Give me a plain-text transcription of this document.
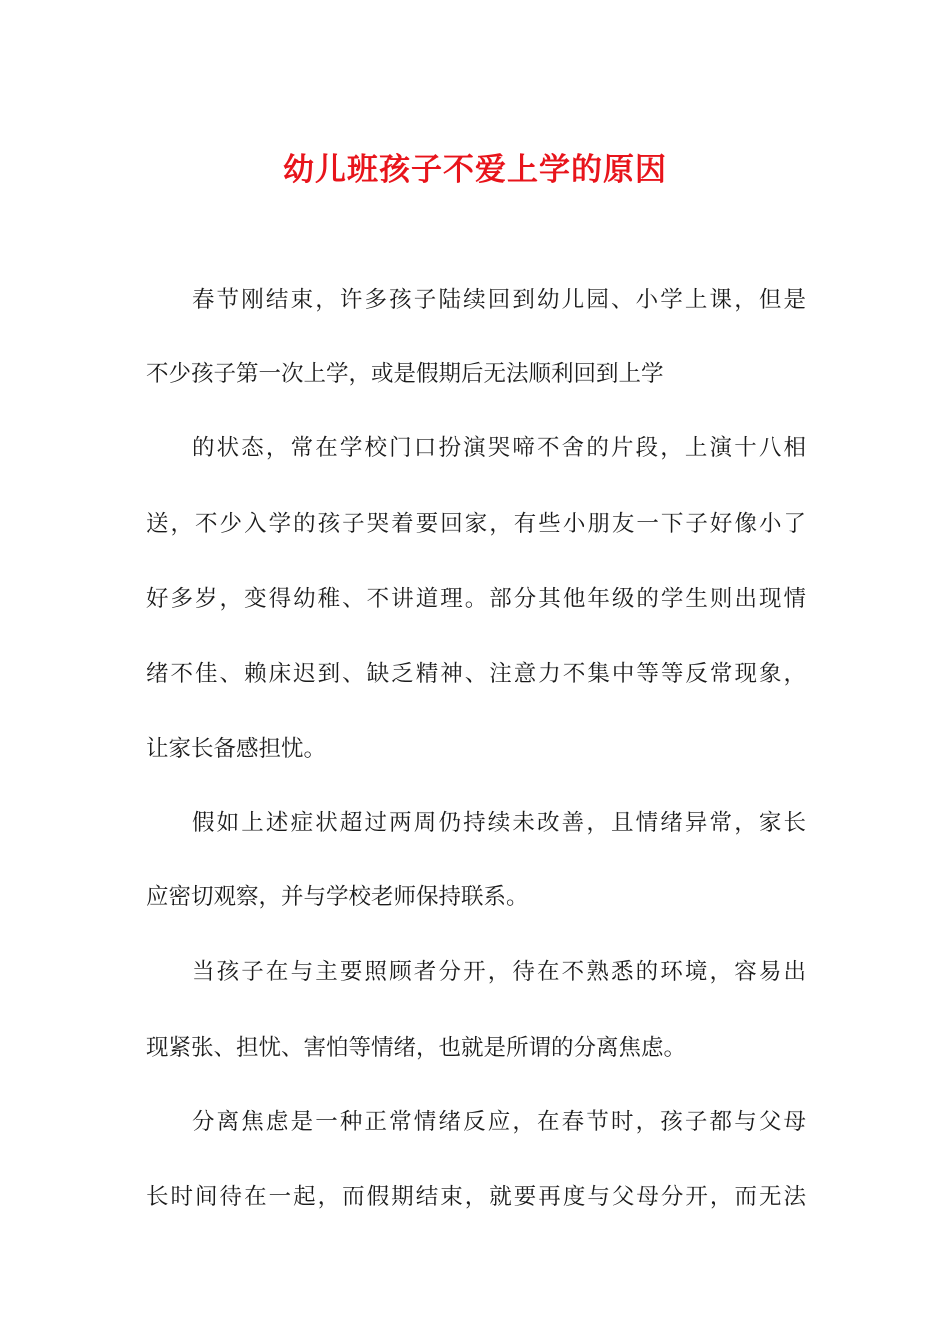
幼儿班孩子不爱上学的原因
春节刚结束，许多孩子陆续回到幼儿园、小学上课，但是
不少孩子第一次上学，或是假期后无法顺利回到上学
的状态，常在学校门口扮演哭啼不舍的片段，上演十八相
送，不少入学的孩子哭着要回家，有些小朋友一下子好像小了
好多岁，变得幼稚、不讲道理。部分其他年级的学生则出现情
绪不佳、赖床迟到、缺乏精神、注意力不集中等等反常现象，
让家长备感担忧。
假如上述症状超过两周仍持续未改善，且情绪异常，家长
应密切观察，并与学校老师保持联系。
当孩子在与主要照顾者分开，待在不熟悉的环境，容易出
现紧张、担忧、害怕等情绪，也就是所谓的分离焦虑。
分离焦虑是一种正常情绪反应，在春节时，孩子都与父母
长时间待在一起，而假期结束，就要再度与父母分开，而无法
